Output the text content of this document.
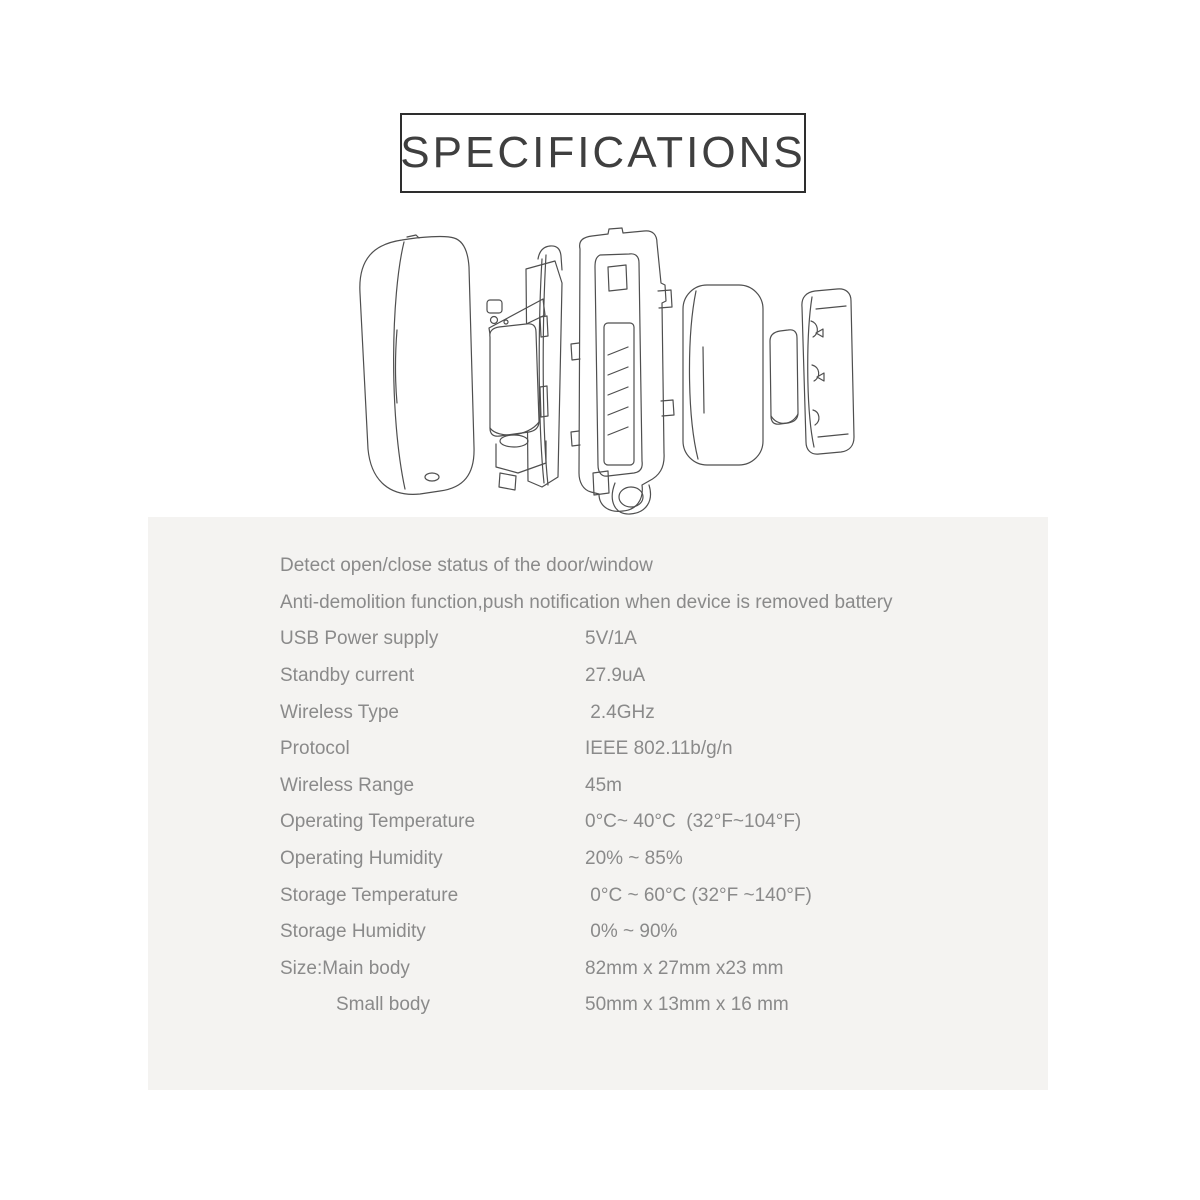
SPECIFICATIONS
Detect open/close status of the door/window
Anti-demolition function,push notification when device is removed battery
USB Power supply	5V/1A
Standby current	27.9uA
Wireless Type	2.4GHz
Protocol	IEEE 802.11b/g/n
Wireless Range	45m
Operating Temperature	0°C~ 40°C  (32°F~104°F)
Operating Humidity	20% ~ 85%
Storage Temperature	0°C ~ 60°C (32°F ~140°F)
Storage Humidity	0% ~ 90%
Size:Main body	82mm x 27mm x23 mm
Small body	50mm x 13mm x 16 mm
